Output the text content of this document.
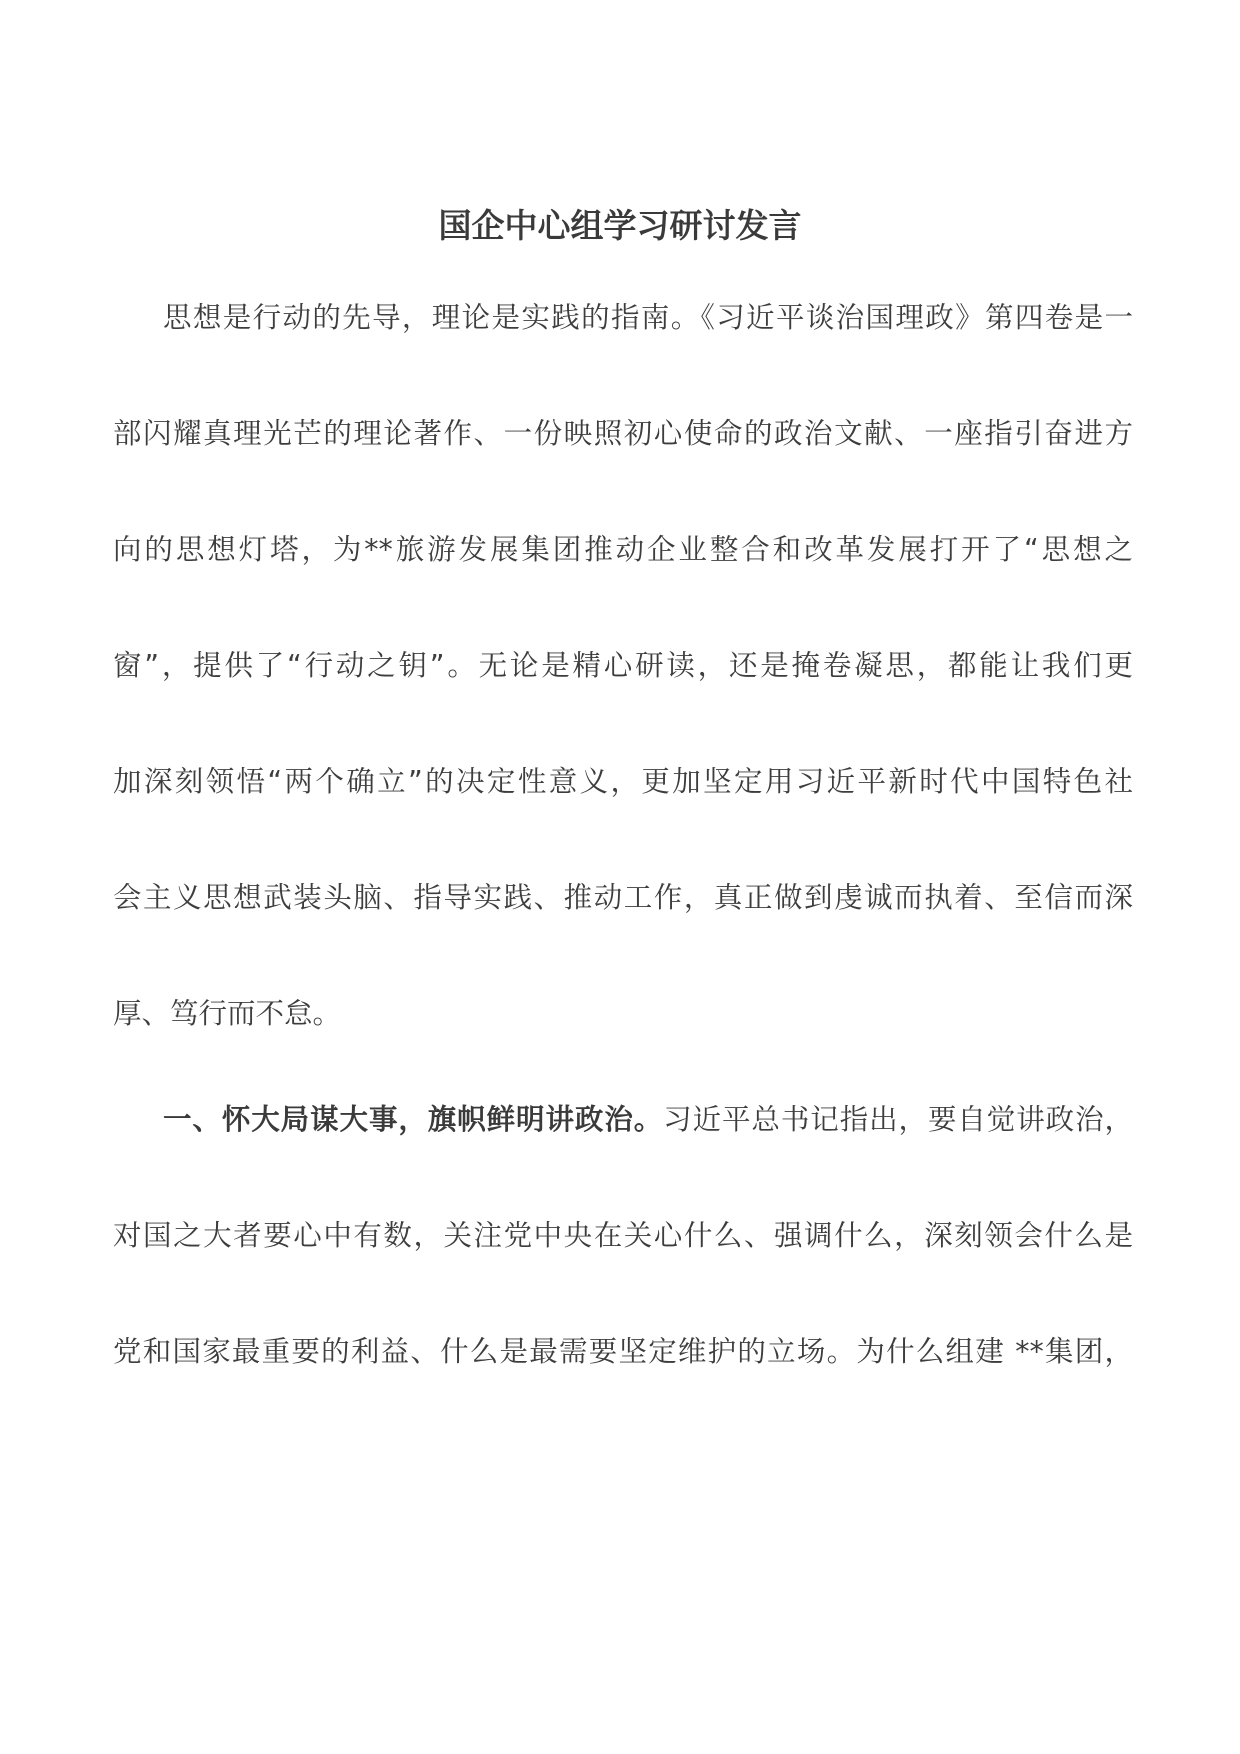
国企中心组学习研讨发言

思想是行动的先导，理论是实践的指南。《习近平谈治国理政》第四卷是一

部闪耀真理光芒的理论著作、一份映照初心使命的政治文献、一座指引奋进方

向的思想灯塔，为**旅游发展集团推动企业整合和改革发展打开了“思想之

窗”，提供了“行动之钥”。无论是精心研读，还是掩卷凝思，都能让我们更

加深刻领悟“两个确立”的决定性意义，更加坚定用习近平新时代中国特色社

会主义思想武装头脑、指导实践、推动工作，真正做到虔诚而执着、至信而深

厚、笃行而不怠。

一、怀大局谋大事，旗帜鲜明讲政治。习近平总书记指出，要自觉讲政治，

对国之大者要心中有数，关注党中央在关心什么、强调什么，深刻领会什么是

党和国家最重要的利益、什么是最需要坚定维护的立场。为什么组建 **集团，
